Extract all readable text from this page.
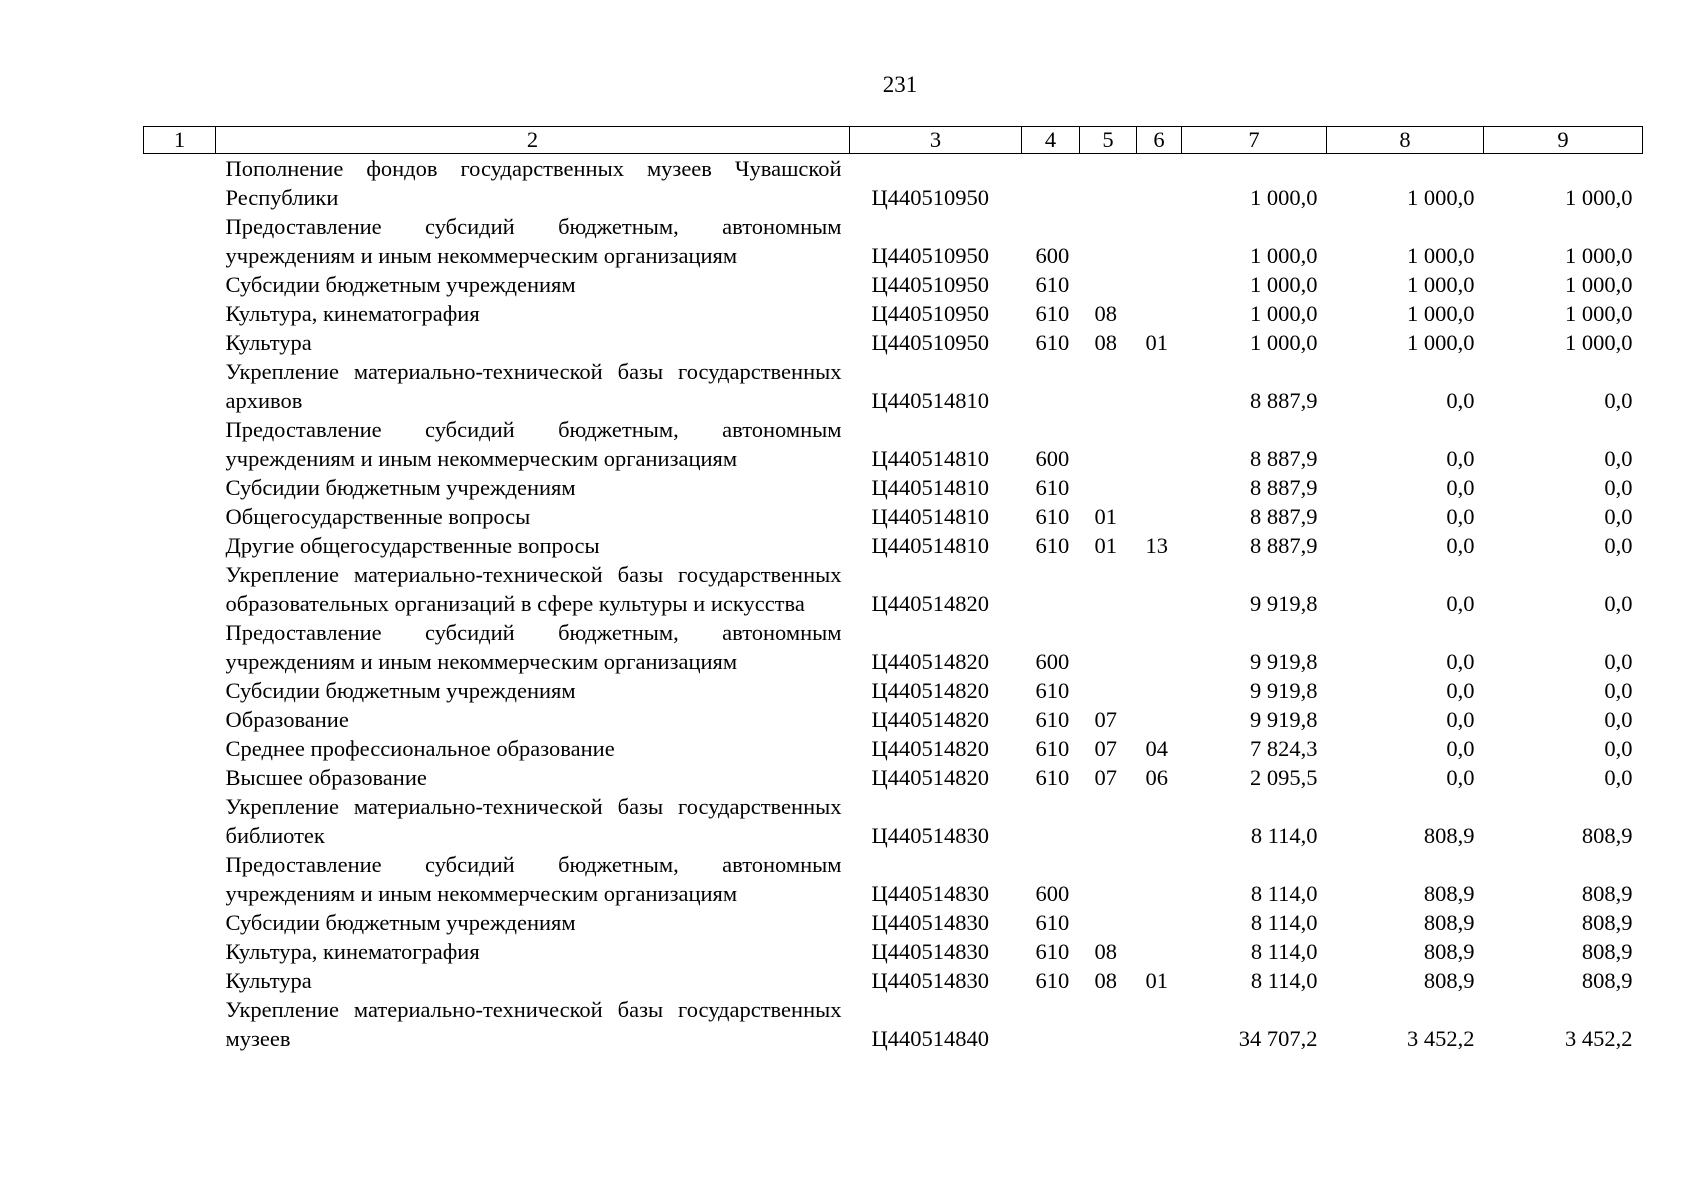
231
1	2	3	4	5	6	7	8	9
	Пополнение фондов государственных музеев Чувашской Республики	Ц440510950				1 000,0	1 000,0	1 000,0
	Предоставление субсидий бюджетным, автономным учреждениям и иным некоммерческим организациям	Ц440510950	600			1 000,0	1 000,0	1 000,0
	Субсидии бюджетным учреждениям	Ц440510950	610			1 000,0	1 000,0	1 000,0
	Культура, кинематография	Ц440510950	610	08		1 000,0	1 000,0	1 000,0
	Культура	Ц440510950	610	08	01	1 000,0	1 000,0	1 000,0
	Укрепление материально-технической базы государственных архивов	Ц440514810				8 887,9	0,0	0,0
	Предоставление субсидий бюджетным, автономным учреждениям и иным некоммерческим организациям	Ц440514810	600			8 887,9	0,0	0,0
	Субсидии бюджетным учреждениям	Ц440514810	610			8 887,9	0,0	0,0
	Общегосударственные вопросы	Ц440514810	610	01		8 887,9	0,0	0,0
	Другие общегосударственные вопросы	Ц440514810	610	01	13	8 887,9	0,0	0,0
	Укрепление материально-технической базы государственных образовательных организаций в сфере культуры и искусства	Ц440514820				9 919,8	0,0	0,0
	Предоставление субсидий бюджетным, автономным учреждениям и иным некоммерческим организациям	Ц440514820	600			9 919,8	0,0	0,0
	Субсидии бюджетным учреждениям	Ц440514820	610			9 919,8	0,0	0,0
	Образование	Ц440514820	610	07		9 919,8	0,0	0,0
	Среднее профессиональное образование	Ц440514820	610	07	04	7 824,3	0,0	0,0
	Высшее образование	Ц440514820	610	07	06	2 095,5	0,0	0,0
	Укрепление материально-технической базы государственных библиотек	Ц440514830				8 114,0	808,9	808,9
	Предоставление субсидий бюджетным, автономным учреждениям и иным некоммерческим организациям	Ц440514830	600			8 114,0	808,9	808,9
	Субсидии бюджетным учреждениям	Ц440514830	610			8 114,0	808,9	808,9
	Культура, кинематография	Ц440514830	610	08		8 114,0	808,9	808,9
	Культура	Ц440514830	610	08	01	8 114,0	808,9	808,9
	Укрепление материально-технической базы государственных музеев	Ц440514840				34 707,2	3 452,2	3 452,2
